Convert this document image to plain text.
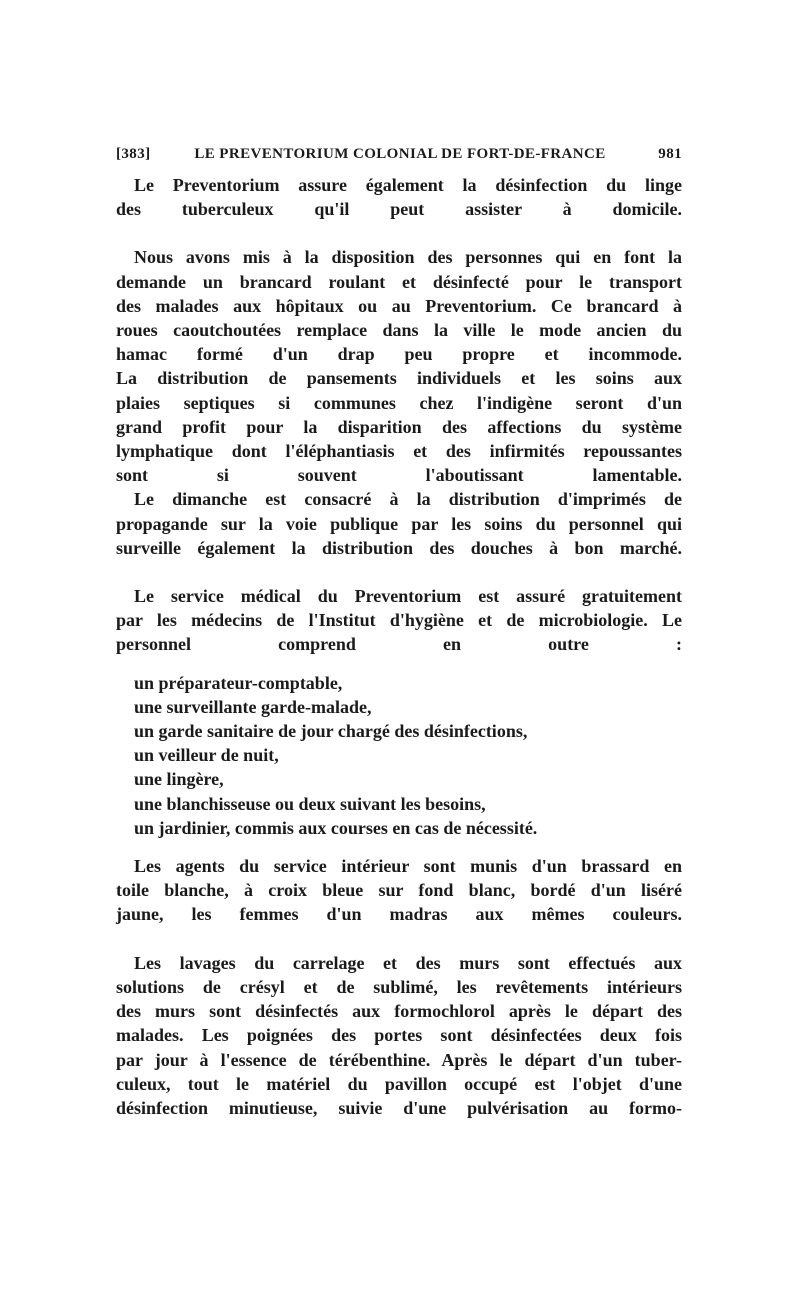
[383]	LE PREVENTORIUM COLONIAL DE FORT-DE-FRANCE	981

Le Preventorium assure également la désinfection du linge
des tuberculeux qu'il peut assister à domicile.

Nous avons mis à la disposition des personnes qui en font la
demande un brancard roulant et désinfecté pour le transport
des malades aux hôpitaux ou au Preventorium. Ce brancard à
roues caoutchoutées remplace dans la ville le mode ancien du
hamac formé d'un drap peu propre et incommode.

La distribution de pansements individuels et les soins aux
plaies septiques si communes chez l'indigène seront d'un
grand profit pour la disparition des affections du système
lymphatique dont l'éléphantiasis et des infirmités repoussantes
sont si souvent l'aboutissant lamentable.

Le dimanche est consacré à la distribution d'imprimés de
propagande sur la voie publique par les soins du personnel qui
surveille également la distribution des douches à bon marché.

Le service médical du Preventorium est assuré gratuitement
par les médecins de l'Institut d'hygiène et de microbiologie. Le
personnel comprend en outre :

un préparateur-comptable,
une surveillante garde-malade,
un garde sanitaire de jour chargé des désinfections,
un veilleur de nuit,
une lingère,
une blanchisseuse ou deux suivant les besoins,
un jardinier, commis aux courses en cas de nécessité.

Les agents du service intérieur sont munis d'un brassard en
toile blanche, à croix bleue sur fond blanc, bordé d'un liséré
jaune, les femmes d'un madras aux mêmes couleurs.

Les lavages du carrelage et des murs sont effectués aux
solutions de crésyl et de sublimé, les revêtements intérieurs
des murs sont désinfectés aux formochlorol après le départ des
malades. Les poignées des portes sont désinfectées deux fois
par jour à l'essence de térébenthine. Après le départ d'un tuber-
culeux, tout le matériel du pavillon occupé est l'objet d'une
désinfection minutieuse, suivie d'une pulvérisation au formo-
